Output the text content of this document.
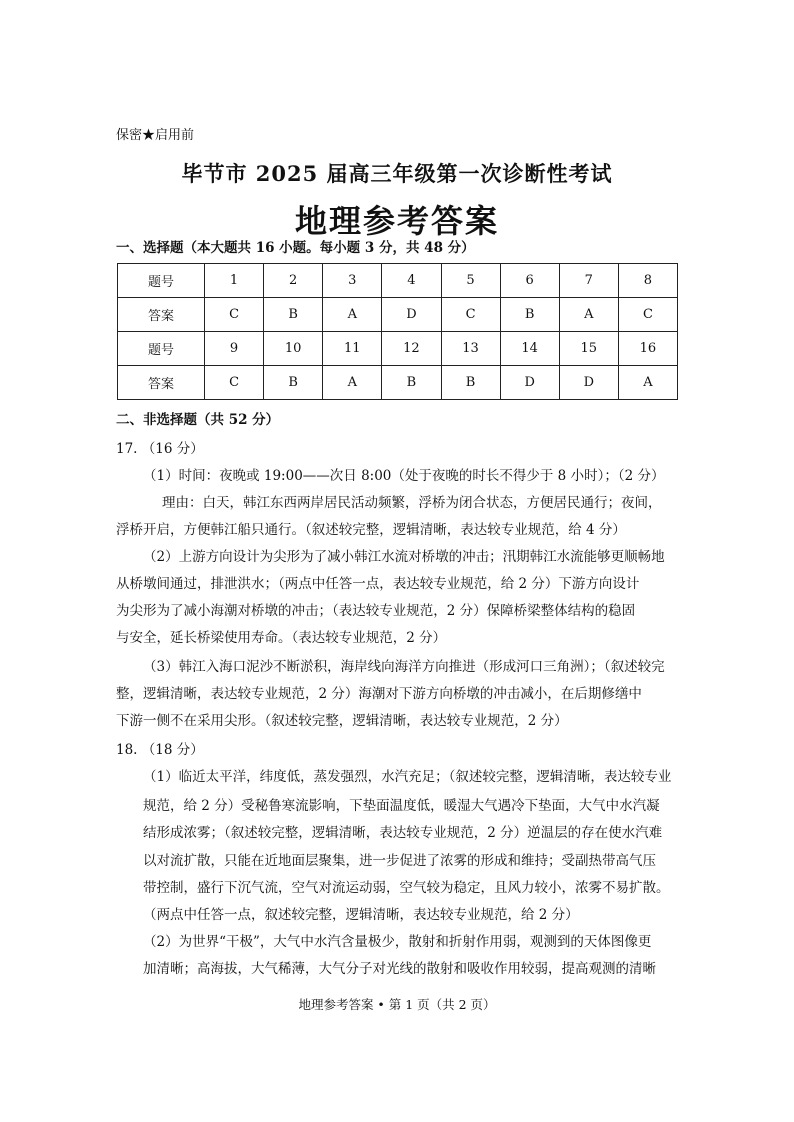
保密★启用前
毕节市 2025 届高三年级第一次诊断性考试
地理参考答案
一、选择题（本大题共 16 小题。每小题 3 分，共 48 分）
题号	1	2	3	4	5	6	7	8
答案	C	B	A	D	C	B	A	C
题号	9	10	11	12	13	14	15	16
答案	C	B	A	B	B	D	D	A
二、非选择题（共 52 分）
17. （16 分）
（1）时间：夜晚或 19:00——次日 8:00（处于夜晚的时长不得少于 8 小时）；（2 分）
理由：白天，韩江东西两岸居民活动频繁，浮桥为闭合状态，方便居民通行；夜间，
浮桥开启，方便韩江船只通行。（叙述较完整，逻辑清晰，表达较专业规范，给 4 分）
（2）上游方向设计为尖形为了减小韩江水流对桥墩的冲击；汛期韩江水流能够更顺畅地
从桥墩间通过，排泄洪水；（两点中任答一点，表达较专业规范，给 2 分）下游方向设计
为尖形为了减小海潮对桥墩的冲击；（表达较专业规范，2 分）保障桥梁整体结构的稳固
与安全，延长桥梁使用寿命。（表达较专业规范，2 分）
（3）韩江入海口泥沙不断淤积，海岸线向海洋方向推进（形成河口三角洲）；（叙述较完
整，逻辑清晰，表达较专业规范，2 分）海潮对下游方向桥墩的冲击减小，在后期修缮中
下游一侧不在采用尖形。（叙述较完整，逻辑清晰，表达较专业规范，2 分）
18. （18 分）
（1）临近太平洋，纬度低，蒸发强烈，水汽充足；（叙述较完整，逻辑清晰，表达较专业
规范，给 2 分）受秘鲁寒流影响，下垫面温度低，暖湿大气遇冷下垫面，大气中水汽凝
结形成浓雾；（叙述较完整，逻辑清晰，表达较专业规范，2 分）逆温层的存在使水汽难
以对流扩散，只能在近地面层聚集，进一步促进了浓雾的形成和维持；受副热带高气压
带控制，盛行下沉气流，空气对流运动弱，空气较为稳定，且风力较小，浓雾不易扩散。
（两点中任答一点，叙述较完整，逻辑清晰，表达较专业规范，给 2 分）
（2）为世界“干极”，大气中水汽含量极少，散射和折射作用弱，观测到的天体图像更
加清晰；高海拔，大气稀薄，大气分子对光线的散射和吸收作用较弱，提高观测的清晰
地理参考答案 • 第 1 页（共 2 页）
